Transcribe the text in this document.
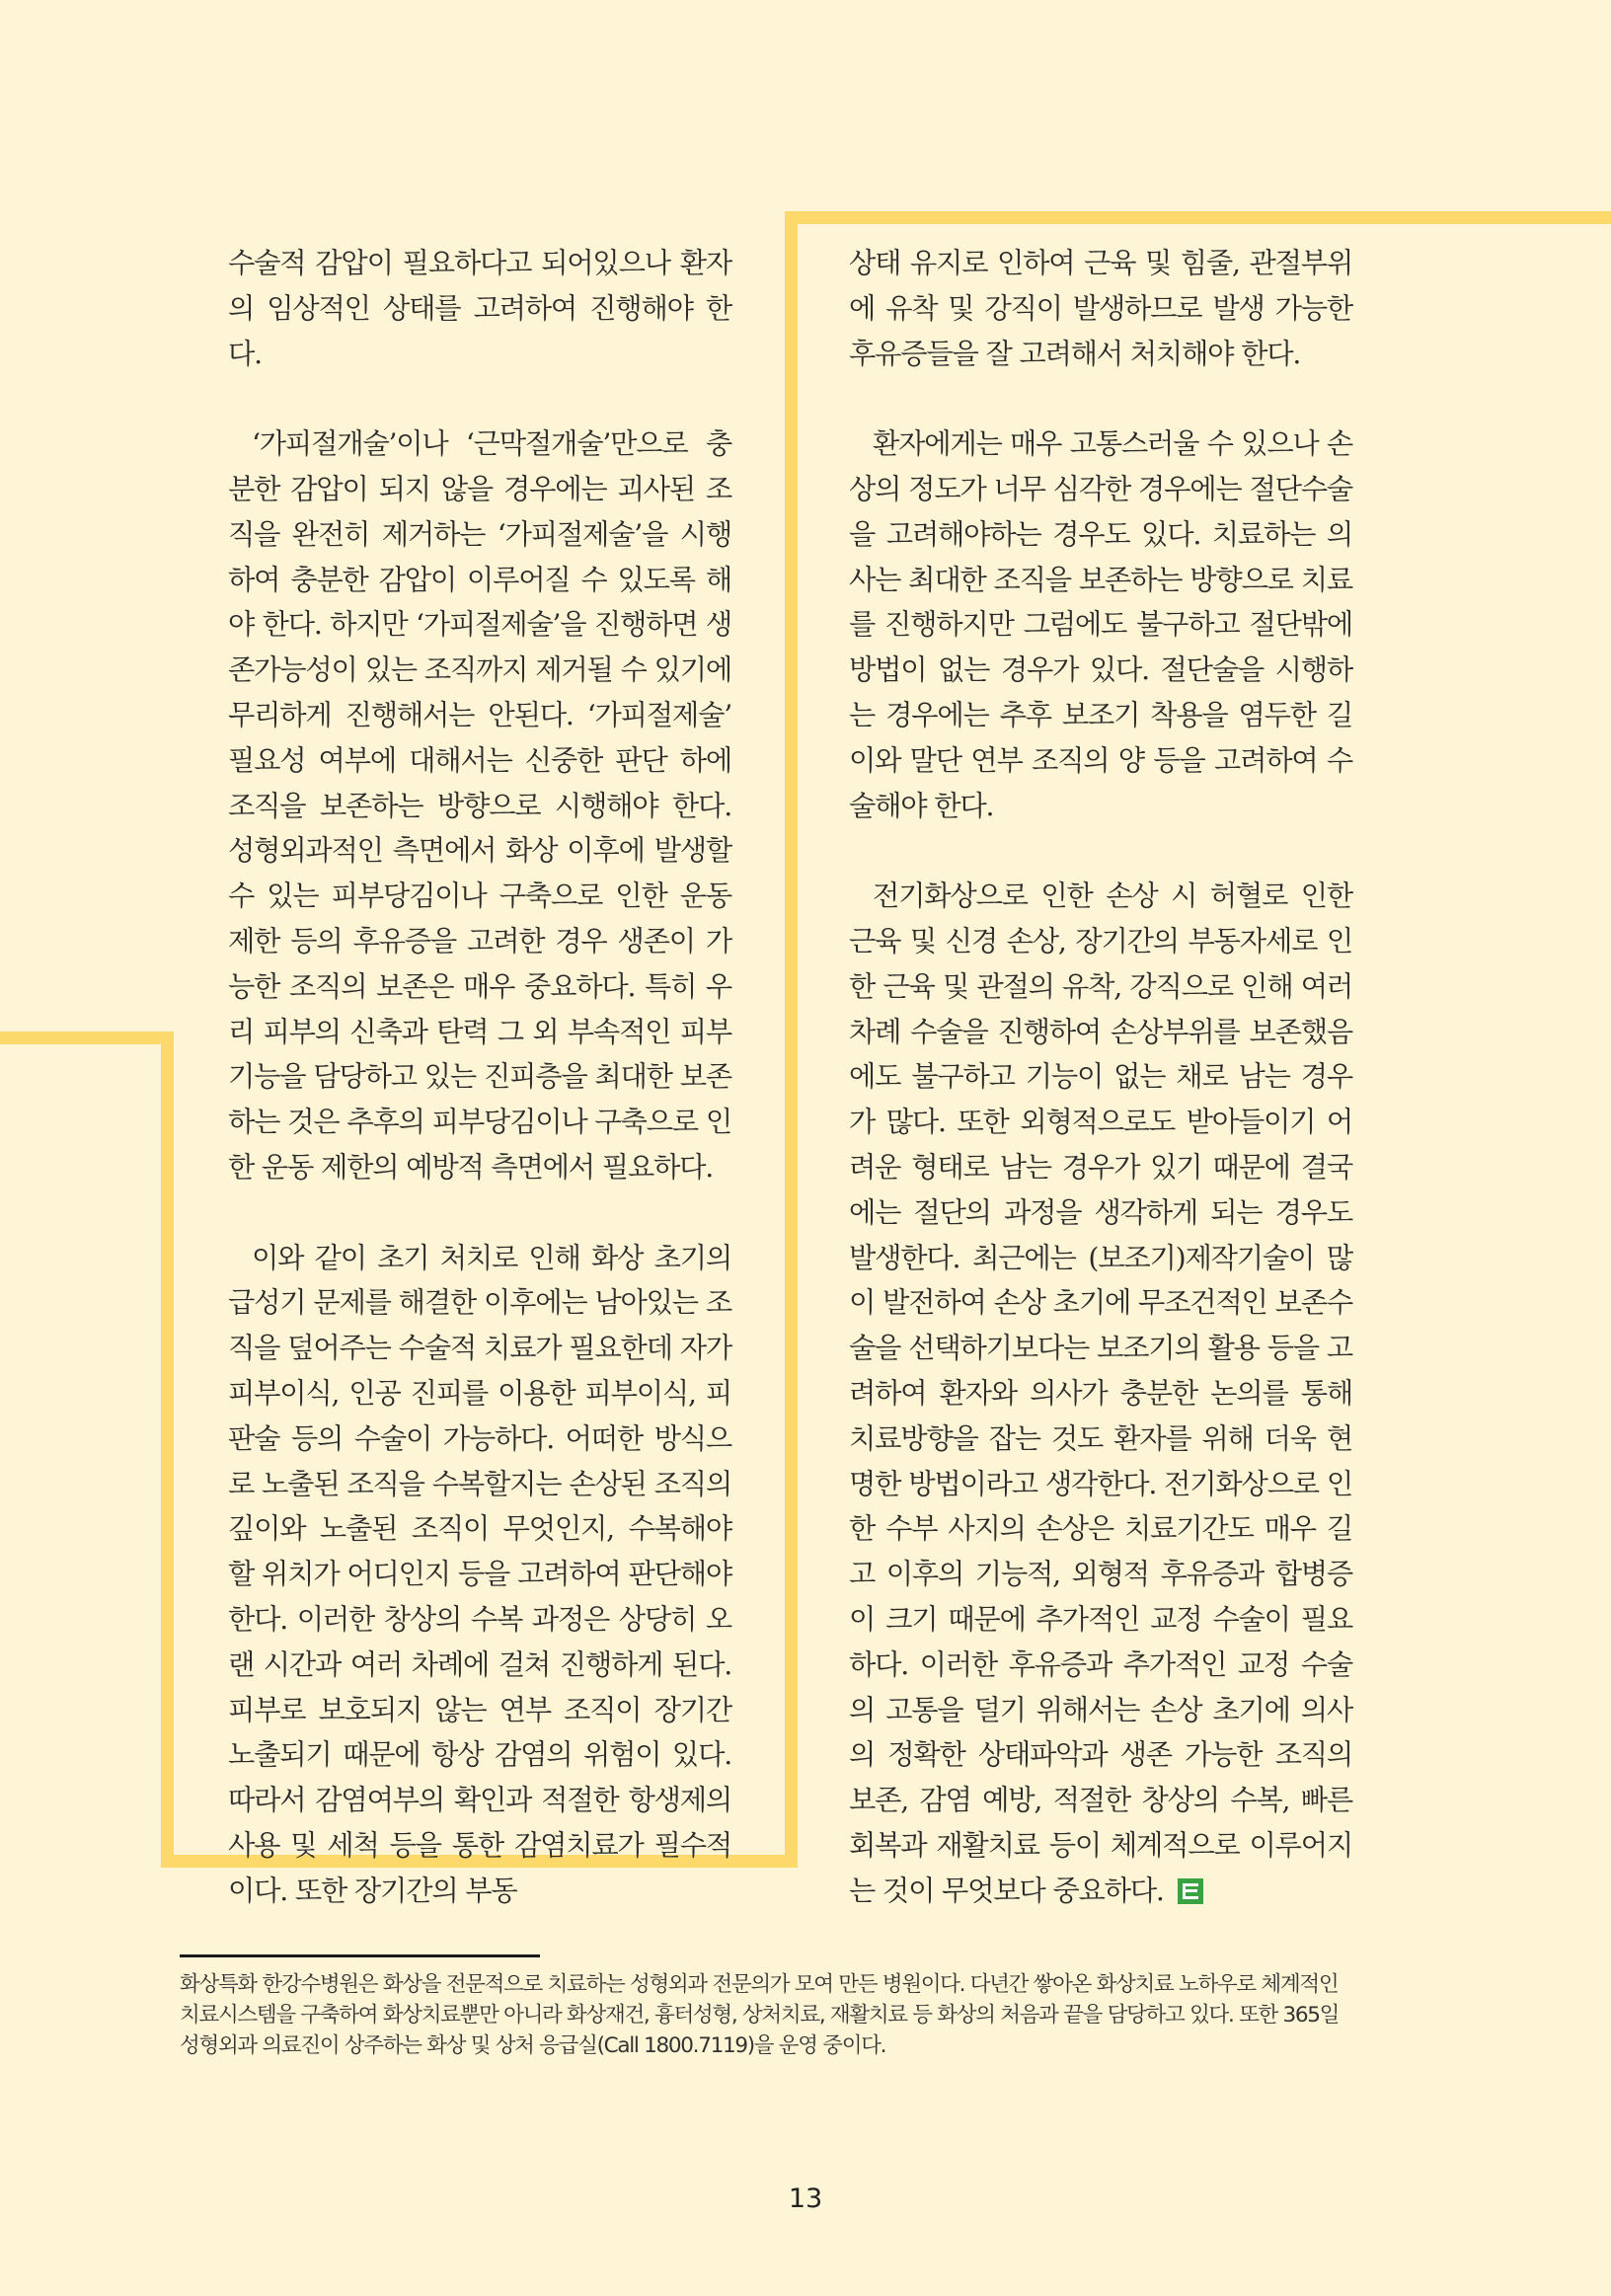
수술적 감압이 필요하다고 되어있으나 환자의 임상적인 상태를 고려하여 진행해야 한다.

‘가피절개술’이나 ‘근막절개술’만으로 충분한 감압이 되지 않을 경우에는 괴사된 조직을 완전히 제거하는 ‘가피절제술’을 시행하여 충분한 감압이 이루어질 수 있도록 해야 한다. 하지만 ‘가피절제술’을 진행하면 생존가능성이 있는 조직까지 제거될 수 있기에 무리하게 진행해서는 안된다. ‘가피절제술’ 필요성 여부에 대해서는 신중한 판단 하에 조직을 보존하는 방향으로 시행해야 한다. 성형외과적인 측면에서 화상 이후에 발생할 수 있는 피부당김이나 구축으로 인한 운동 제한 등의 후유증을 고려한 경우 생존이 가능한 조직의 보존은 매우 중요하다. 특히 우리 피부의 신축과 탄력 그 외 부속적인 피부 기능을 담당하고 있는 진피층을 최대한 보존하는 것은 추후의 피부당김이나 구축으로 인한 운동 제한의 예방적 측면에서 필요하다.

이와 같이 초기 처치로 인해 화상 초기의 급성기 문제를 해결한 이후에는 남아있는 조직을 덮어주는 수술적 치료가 필요한데 자가 피부이식, 인공 진피를 이용한 피부이식, 피판술 등의 수술이 가능하다. 어떠한 방식으로 노출된 조직을 수복할지는 손상된 조직의 깊이와 노출된 조직이 무엇인지, 수복해야 할 위치가 어디인지 등을 고려하여 판단해야 한다. 이러한 창상의 수복 과정은 상당히 오랜 시간과 여러 차례에 걸쳐 진행하게 된다. 피부로 보호되지 않는 연부 조직이 장기간 노출되기 때문에 항상 감염의 위험이 있다. 따라서 감염여부의 확인과 적절한 항생제의 사용 및 세척 등을 통한 감염치료가 필수적이다. 또한 장기간의 부동

상태 유지로 인하여 근육 및 힘줄, 관절부위에 유착 및 강직이 발생하므로 발생 가능한 후유증들을 잘 고려해서 처치해야 한다.

환자에게는 매우 고통스러울 수 있으나 손상의 정도가 너무 심각한 경우에는 절단수술을 고려해야하는 경우도 있다. 치료하는 의사는 최대한 조직을 보존하는 방향으로 치료를 진행하지만 그럼에도 불구하고 절단밖에 방법이 없는 경우가 있다. 절단술을 시행하는 경우에는 추후 보조기 착용을 염두한 길이와 말단 연부 조직의 양 등을 고려하여 수술해야 한다.

전기화상으로 인한 손상 시 허혈로 인한 근육 및 신경 손상, 장기간의 부동자세로 인한 근육 및 관절의 유착, 강직으로 인해 여러 차례 수술을 진행하여 손상부위를 보존했음에도 불구하고 기능이 없는 채로 남는 경우가 많다. 또한 외형적으로도 받아들이기 어려운 형태로 남는 경우가 있기 때문에 결국에는 절단의 과정을 생각하게 되는 경우도 발생한다. 최근에는 (보조기)제작기술이 많이 발전하여 손상 초기에 무조건적인 보존수술을 선택하기보다는 보조기의 활용 등을 고려하여 환자와 의사가 충분한 논의를 통해 치료방향을 잡는 것도 환자를 위해 더욱 현명한 방법이라고 생각한다. 전기화상으로 인한 수부 사지의 손상은 치료기간도 매우 길고 이후의 기능적, 외형적 후유증과 합병증이 크기 때문에 추가적인 교정 수술이 필요하다. 이러한 후유증과 추가적인 교정 수술의 고통을 덜기 위해서는 손상 초기에 의사의 정확한 상태파악과 생존 가능한 조직의 보존, 감염 예방, 적절한 창상의 수복, 빠른 회복과 재활치료 등이 체계적으로 이루어지는 것이 무엇보다 중요하다.

화상특화 한강수병원은 화상을 전문적으로 치료하는 성형외과 전문의가 모여 만든 병원이다. 다년간 쌓아온 화상치료 노하우로 체계적인 치료시스템을 구축하여 화상치료뿐만 아니라 화상재건, 흉터성형, 상처치료, 재활치료 등 화상의 처음과 끝을 담당하고 있다. 또한 365일 성형외과 의료진이 상주하는 화상 및 상처 응급실(Call 1800.7119)을 운영 중이다.
13
